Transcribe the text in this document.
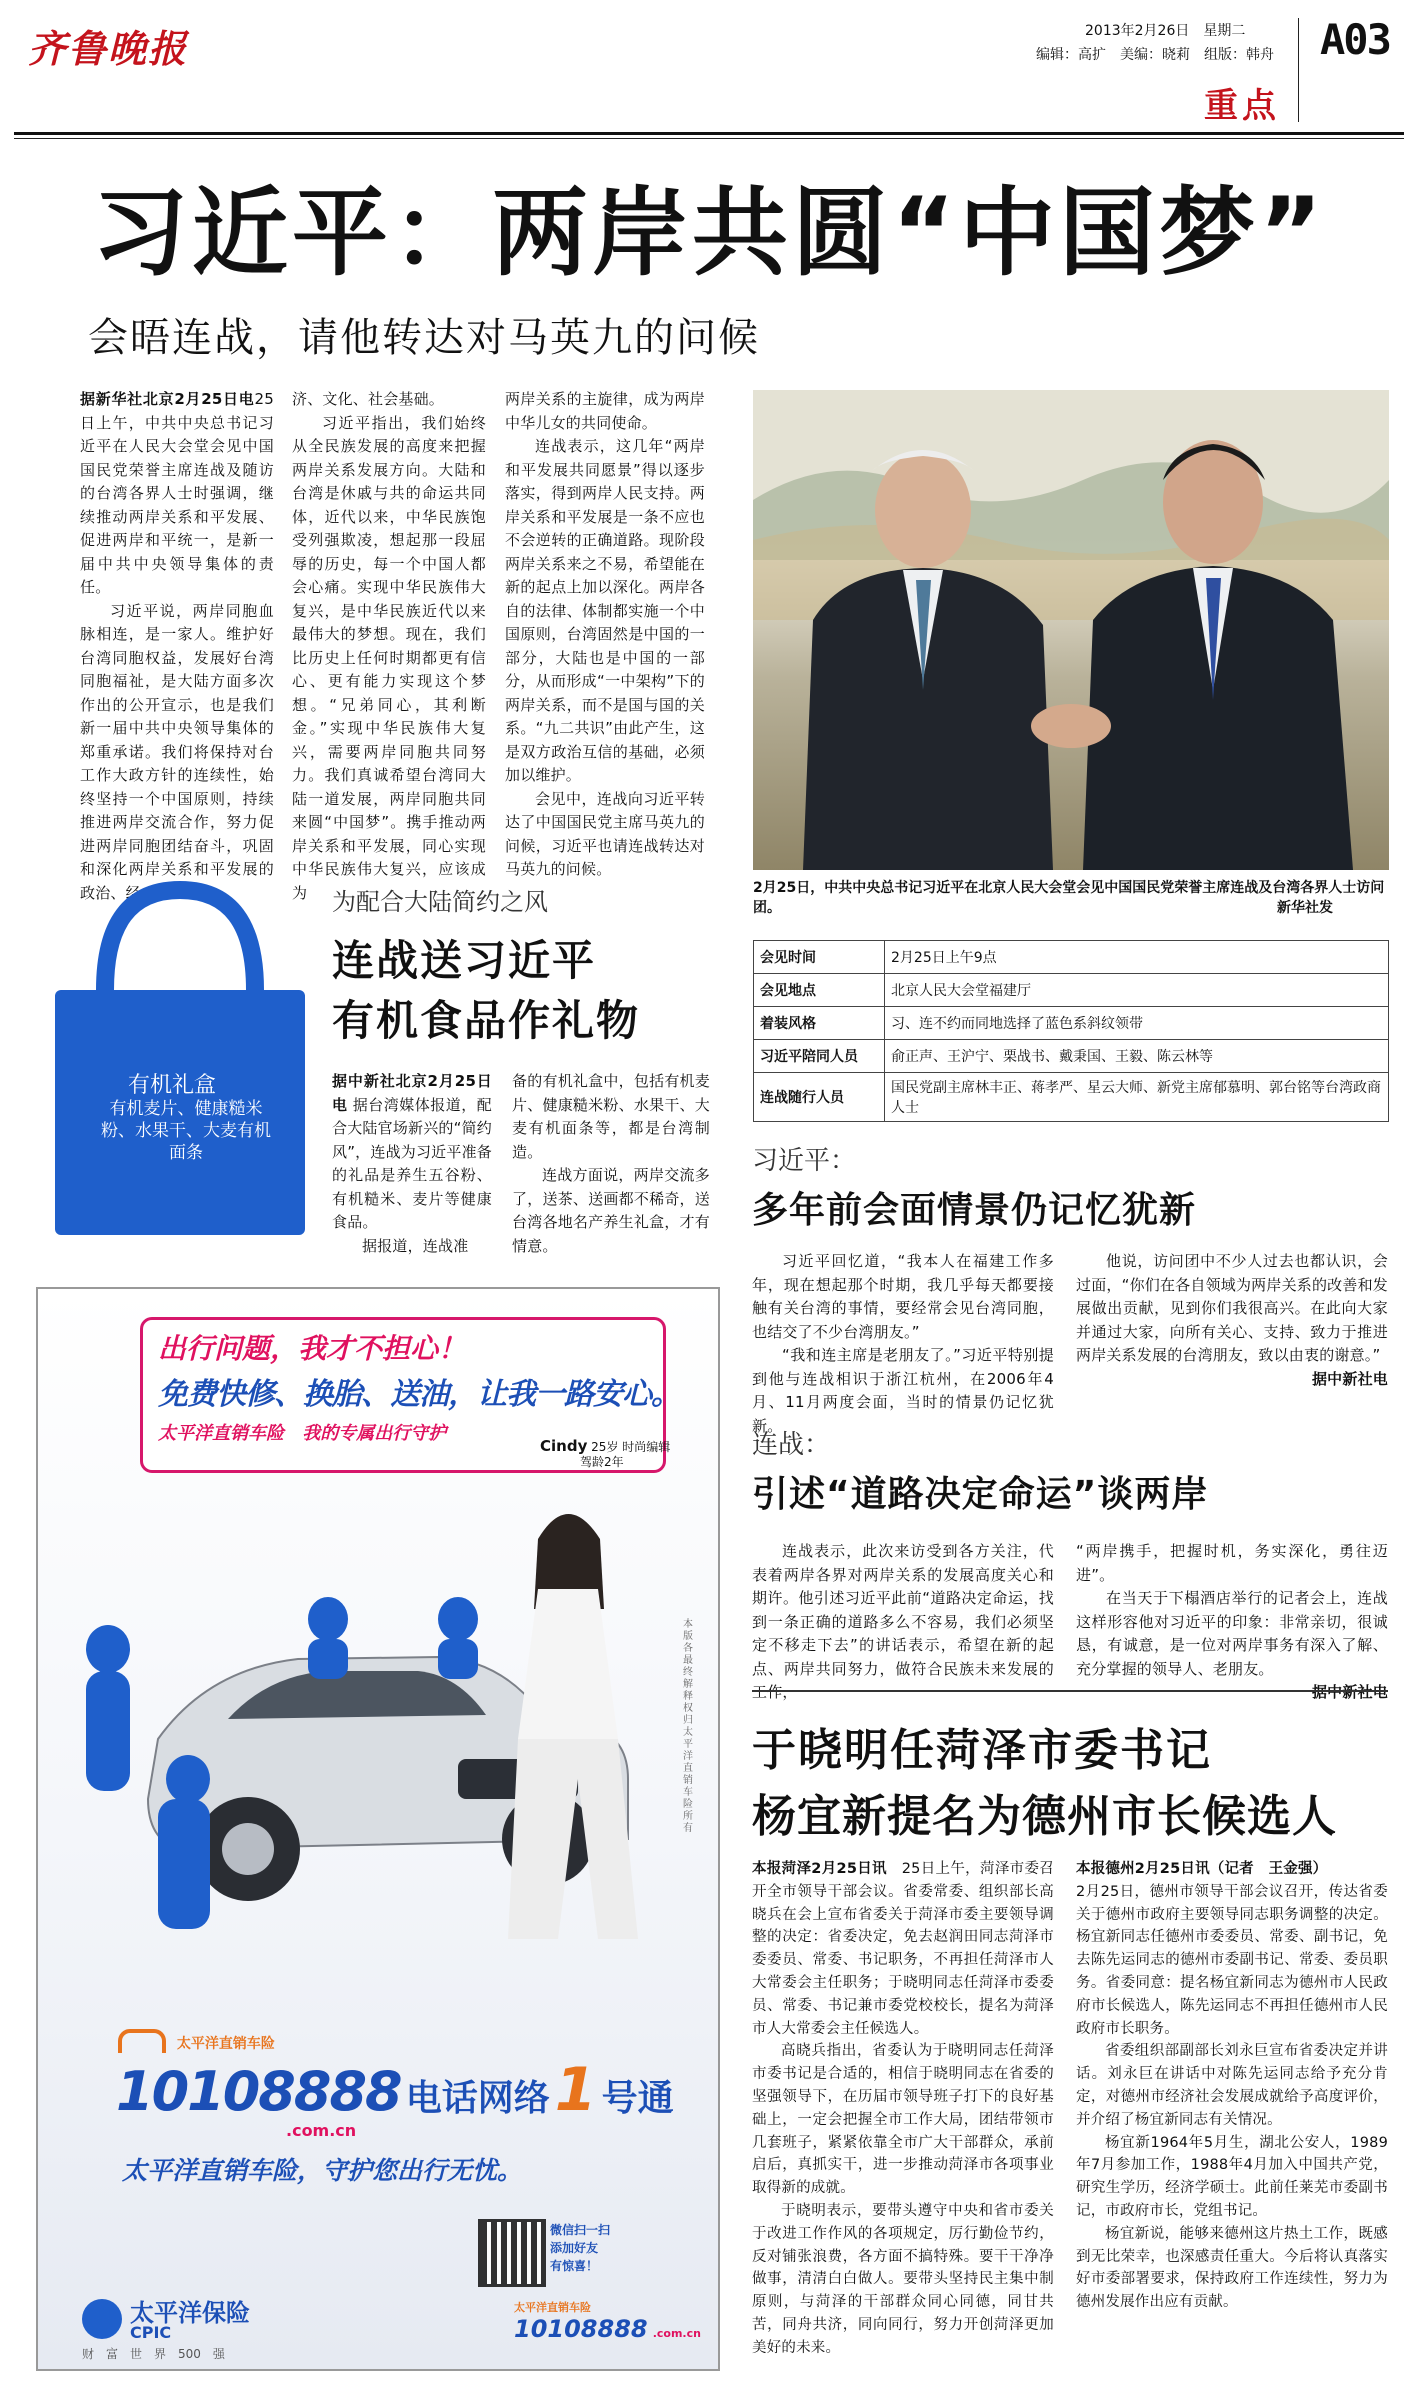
齐鲁晚报	2013年2月26日　星期二
编辑：高扩　美编：晓莉　组版：韩舟 A03
重点
习近平：两岸共圆“中国梦”
会晤连战，请他转达对马英九的问候

据新华社北京2月25日电25日上午，中共中央总书记习近平在人民大会堂会见中国国民党荣誉主席连战及随访的台湾各界人士时强调，继续推动两岸关系和平发展、促进两岸和平统一，是新一届中共中央领导集体的责任。

习近平说，两岸同胞血脉相连，是一家人。维护好台湾同胞权益，发展好台湾同胞福祉，是大陆方面多次作出的公开宣示，也是我们新一届中共中央领导集体的郑重承诺。我们将保持对台工作大政方针的连续性，始终坚持一个中国原则，持续推进两岸交流合作，努力促进两岸同胞团结奋斗，巩固和深化两岸关系和平发展的政治、经

济、文化、社会基础。

习近平指出，我们始终从全民族发展的高度来把握两岸关系发展方向。大陆和台湾是休戚与共的命运共同体，近代以来，中华民族饱受列强欺凌，想起那一段屈辱的历史，每一个中国人都会心痛。实现中华民族伟大复兴，是中华民族近代以来最伟大的梦想。现在，我们比历史上任何时期都更有信心、更有能力实现这个梦想。“兄弟同心，其利断金。”实现中华民族伟大复兴，需要两岸同胞共同努力。我们真诚希望台湾同大陆一道发展，两岸同胞共同来圆“中国梦”。携手推动两岸关系和平发展，同心实现中华民族伟大复兴，应该成为

两岸关系的主旋律，成为两岸中华儿女的共同使命。

连战表示，这几年“两岸和平发展共同愿景”得以逐步落实，得到两岸人民支持。两岸关系和平发展是一条不应也不会逆转的正确道路。现阶段两岸关系来之不易，希望能在新的起点上加以深化。两岸各自的法律、体制都实施一个中国原则，台湾固然是中国的一部分，大陆也是中国的一部分，从而形成“一中架构”下的两岸关系，而不是国与国的关系。“九二共识”由此产生，这是双方政治互信的基础，必须加以维护。

会见中，连战向习近平转达了中国国民党主席马英九的问候，习近平也请连战转达对马英九的问候。

2月25日，中共中央总书记习近平在北京人民大会堂会见中国国民党荣誉主席连战及台湾各界人士访问团。	新华社发
会见时间	2月25日上午9点
会见地点	北京人民大会堂福建厅
着装风格	习、连不约而同地选择了蓝色系斜纹领带
习近平陪同人员	俞正声、王沪宁、栗战书、戴秉国、王毅、陈云林等
连战随行人员	国民党副主席林丰正、蒋孝严、星云大师、新党主席郁慕明、郭台铭等台湾政商人士
有机礼盒
有机麦片、健康糙米粉、水果干、大麦有机面条
为配合大陆简约之风
连战送习近平
有机食品作礼物

据中新社北京2月25日电 据台湾媒体报道，配合大陆官场新兴的“简约风”，连战为习近平准备的礼品是养生五谷粉、有机糙米、麦片等健康食品。

据报道，连战准

备的有机礼盒中，包括有机麦片、健康糙米粉、水果干、大麦有机面条等，都是台湾制造。

连战方面说，两岸交流多了，送茶、送画都不稀奇，送台湾各地名产养生礼盒，才有情意。

习近平：
多年前会面情景仍记忆犹新

习近平回忆道，“我本人在福建工作多年，现在想起那个时期，我几乎每天都要接触有关台湾的事情，要经常会见台湾同胞，也结交了不少台湾朋友。”

“我和连主席是老朋友了。”习近平特别提到他与连战相识于浙江杭州，在2006年4月、11月两度会面，当时的情景仍记忆犹新。

他说，访问团中不少人过去也都认识，会过面，“你们在各自领域为两岸关系的改善和发展做出贡献，见到你们我很高兴。在此向大家并通过大家，向所有关心、支持、致力于推进两岸关系发展的台湾朋友，致以由衷的谢意。”

据中新社电
连战：
引述“道路决定命运”谈两岸

连战表示，此次来访受到各方关注，代表着两岸各界对两岸关系的发展高度关心和期许。他引述习近平此前“道路决定命运，找到一条正确的道路多么不容易，我们必须坚定不移走下去”的讲话表示，希望在新的起点、两岸共同努力，做符合民族未来发展的工作，

“两岸携手，把握时机，务实深化，勇往迈进”。

在当天于下榻酒店举行的记者会上，连战这样形容他对习近平的印象：非常亲切，很诚恳，有诚意，是一位对两岸事务有深入了解、充分掌握的领导人、老朋友。

据中新社电
于晓明任菏泽市委书记
杨宜新提名为德州市长候选人

本报菏泽2月25日讯　 25日上午，菏泽市委召开全市领导干部会议。省委常委、组织部长高晓兵在会上宣布省委关于菏泽市委主要领导调整的决定：省委决定，免去赵润田同志菏泽市委委员、常委、书记职务，不再担任菏泽市人大常委会主任职务；于晓明同志任菏泽市委委员、常委、书记兼市委党校校长，提名为菏泽市人大常委会主任候选人。

高晓兵指出，省委认为于晓明同志任菏泽市委书记是合适的，相信于晓明同志在省委的坚强领导下，在历届市领导班子打下的良好基础上，一定会把握全市工作大局，团结带领市几套班子，紧紧依靠全市广大干部群众，承前启后，真抓实干，进一步推动菏泽市各项事业取得新的成就。

于晓明表示，要带头遵守中央和省市委关于改进工作作风的各项规定，厉行勤俭节约，反对铺张浪费，各方面不搞特殊。要干干净净做事，清清白白做人。要带头坚持民主集中制原则，与菏泽的干部群众同心同德，同甘共苦，同舟共济，同向同行，努力开创菏泽更加美好的未来。

本报德州2月25日讯（记者　王金强）

2月25日，德州市领导干部会议召开，传达省委关于德州市政府主要领导同志职务调整的决定。杨宜新同志任德州市委委员、常委、副书记，免去陈先运同志的德州市委副书记、常委、委员职务。省委同意：提名杨宜新同志为德州市人民政府市长候选人，陈先运同志不再担任德州市人民政府市长职务。

省委组织部副部长刘永巨宣布省委决定并讲话。刘永巨在讲话中对陈先运同志给予充分肯定，对德州市经济社会发展成就给予高度评价，并介绍了杨宜新同志有关情况。

杨宜新1964年5月生，湖北公安人，1989年7月参加工作，1988年4月加入中国共产党，研究生学历，经济学硕士。此前任莱芜市委副书记，市政府市长，党组书记。

杨宜新说，能够来德州这片热土工作，既感到无比荣幸，也深感责任重大。今后将认真落实好市委部署要求，保持政府工作连续性，努力为德州发展作出应有贡献。

出行问题，我才不担心！
免费快修、换胎、送油，让我一路安心。
太平洋直销车险 我的专属出行守护
Cindy 25岁 时尚编辑
驾龄2年
本版各最终解释权归太平洋直销车险所有
太平洋直销车险
10108888 电话网络 1 号通
.com.cn
太平洋直销车险，守护您出行无忧。
微信扫一扫
添加好友
有惊喜！
太平洋保险
CPIC
财　富　世　界　500　强
太平洋直销车险
10108888 .com.cn
